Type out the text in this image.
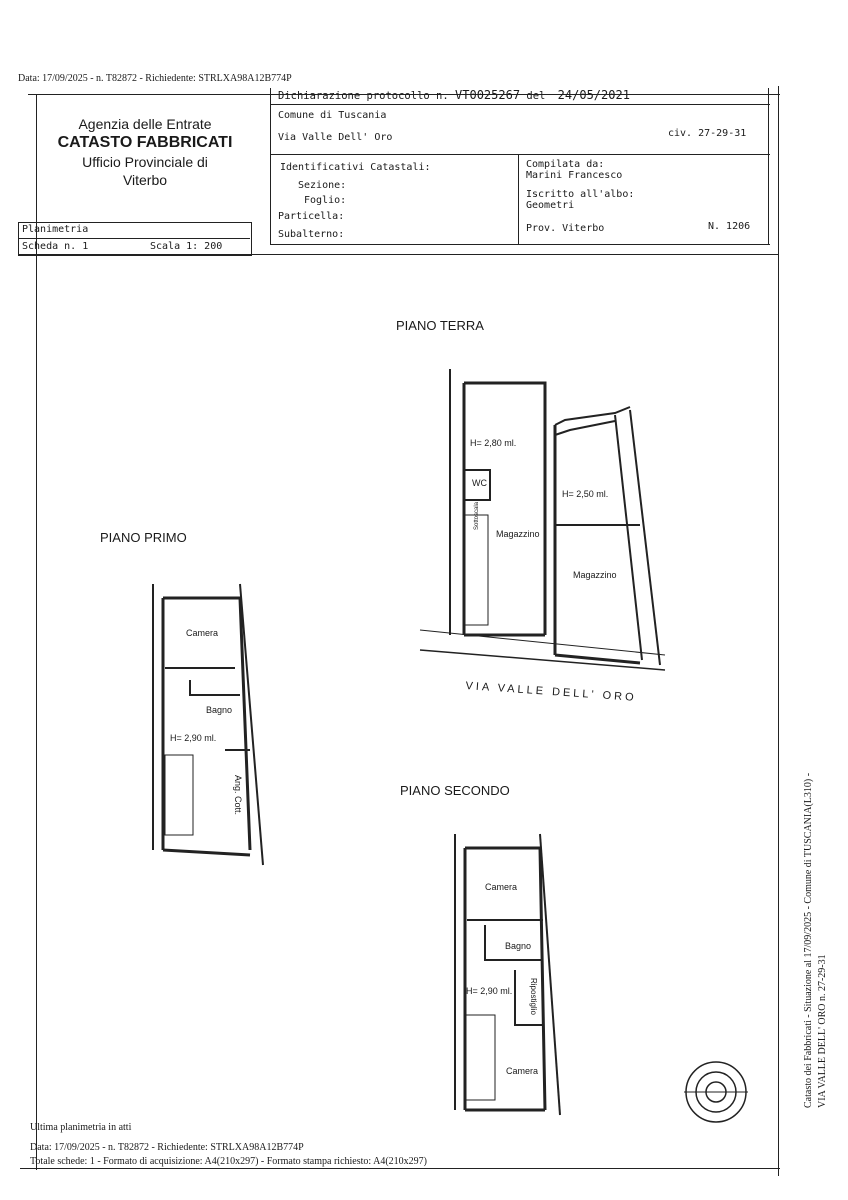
Data: 17/09/2025 - n. T82872 - Richiedente: STRLXA98A12B774P
Agenzia delle Entrate
CATASTO FABBRICATI
Ufficio Provinciale di
Viterbo
Dichiarazione protocollo n. VT0025267 del 24/05/2021
Comune di Tuscania
Via Valle Dell' Oro	civ. 27-29-31
Identificativi Catastali:
Sezione:
Foglio:
Particella:
Subalterno:
Compilata da:
Marini Francesco
Iscritto all'albo:
Geometri
Prov. Viterbo	N. 1206
Planimetria
Scheda n. 1	Scala 1: 200
PIANO TERRA
H= 2,80 ml.
WC
H= 2,50 ml.
Magazzino
Magazzino
Sottoscala
VIA VALLE DELL' ORO
PIANO PRIMO
Camera
Bagno
H= 2,90 ml.
Ang. Cott.	PIANO SECONDO
Camera
Bagno
H= 2,90 ml. Ripostiglio
Camera
Ultima planimetria in atti
Data: 17/09/2025 - n. T82872 - Richiedente: STRLXA98A12B774P
Totale schede: 1 - Formato di acquisizione: A4(210x297) - Formato stampa richiesto: A4(210x297)
Catasto dei Fabbricati - Situazione al 17/09/2025 - Comune di TUSCANIA(L310) - VIA VALLE DELL' ORO n. 27-29-31
